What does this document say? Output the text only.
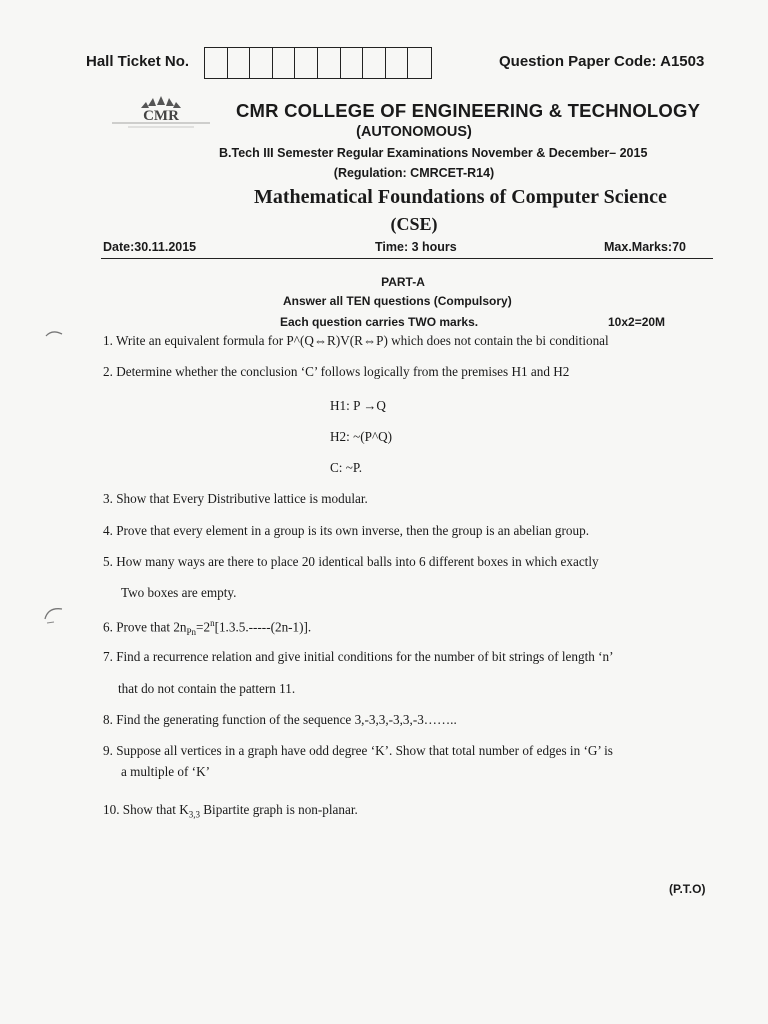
Hall Ticket No.	Question Paper Code: A1503
CMR	CMR COLLEGE OF ENGINEERING & TECHNOLOGY
(AUTONOMOUS)
B.Tech III Semester Regular Examinations November & December– 2015
(Regulation: CMRCET-R14)
Mathematical Foundations of Computer Science
(CSE)
Date:30.11.2015	Time: 3 hours	Max.Marks:70
PART-A
Answer all TEN questions (Compulsory)
Each question carries TWO marks.	10x2=20M
1. Write an equivalent formula for P^(Q⇔R)V(R⇔P) which does not contain the bi conditional
2. Determine whether the conclusion ‘C’ follows logically from the premises H1 and H2
H1: P →Q
H2: ~(P^Q)
C: ~P.
3. Show that Every Distributive lattice is modular.
4. Prove that every element in a group is its own inverse, then the group is an abelian group.
5. How many ways are there to place 20 identical balls into 6 different boxes in which exactly
Two boxes are empty.
6. Prove that $2n_{Pn}=2^n[1.3.5.-----(2n-1)]$.
7. Find a recurrence relation and give initial conditions for the number of bit strings of length ‘n’
that do not contain the pattern 11.
8. Find the generating function of the sequence 3,-3,3,-3,3,-3……..
9. Suppose all vertices in a graph have odd degree ‘K’. Show that total number of edges in ‘G’ is
a multiple of ‘K’
10. Show that $K_{3,3}$ Bipartite graph is non-planar.
(P.T.O)
